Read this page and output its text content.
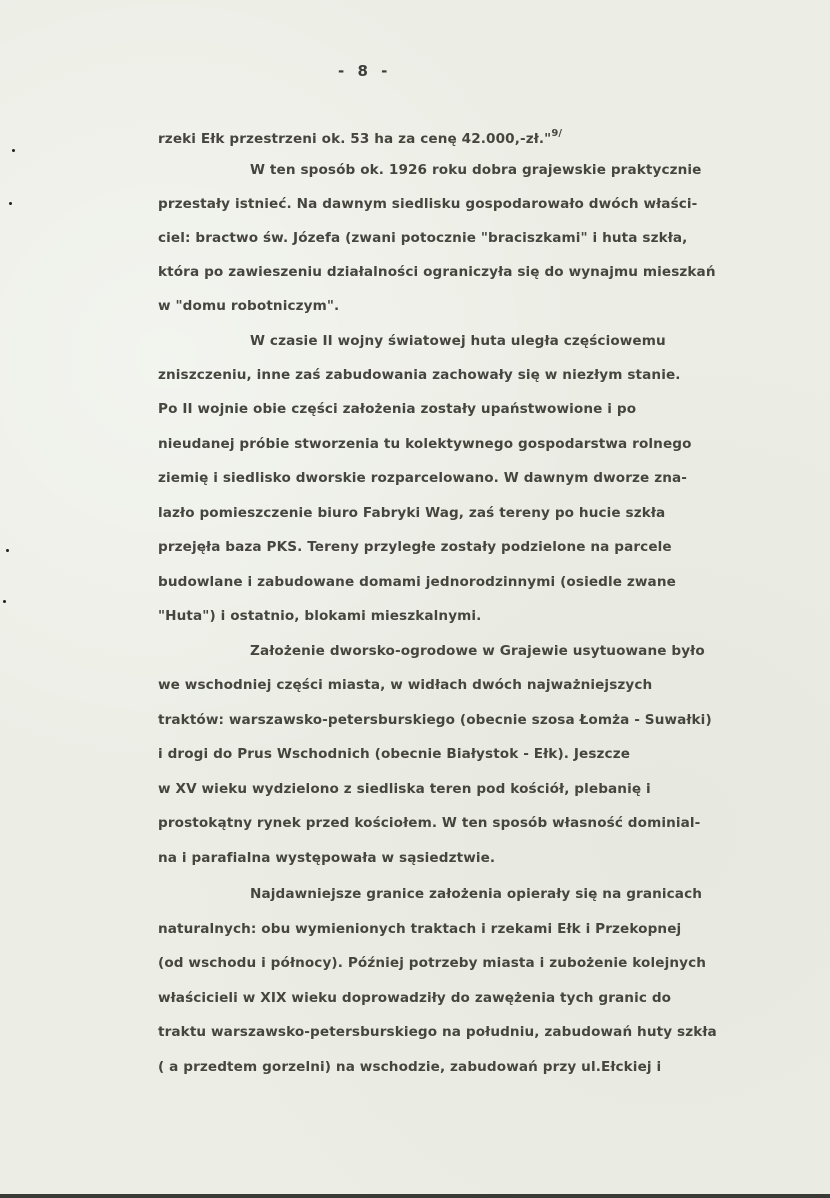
- 8 -
rzeki Ełk przestrzeni ok. 53 ha za cenę 42.000,-zł."$^{9/}$
W ten sposób ok. 1926 roku dobra grajewskie praktycznie
przestały istnieć. Na dawnym siedlisku gospodarowało dwóch właści-
ciel: bractwo św. Józefa (zwani potocznie "braciszkami" i huta szkła,
która po zawieszeniu działalności ograniczyła się do wynajmu mieszkań
w "domu robotniczym".
W czasie II wojny światowej huta uległa częściowemu
zniszczeniu, inne zaś zabudowania zachowały się w niezłym stanie.
Po II wojnie obie części założenia zostały upaństwowione i po
nieudanej próbie stworzenia tu kolektywnego gospodarstwa rolnego
ziemię i siedlisko dworskie rozparcelowano. W dawnym dworze zna-
lazło pomieszczenie biuro Fabryki Wag, zaś tereny po hucie szkła
przejęła baza PKS. Tereny przyległe zostały podzielone na parcele
budowlane i zabudowane domami jednorodzinnymi (osiedle zwane
"Huta") i ostatnio, blokami mieszkalnymi.
Założenie dworsko-ogrodowe w Grajewie usytuowane było
we wschodniej części miasta, w widłach dwóch najważniejszych
traktów: warszawsko-petersburskiego (obecnie szosa Łomża - Suwałki)
i drogi do Prus Wschodnich (obecnie Białystok - Ełk). Jeszcze
w XV wieku wydzielono z siedliska teren pod kościół, plebanię i
prostokątny rynek przed kościołem. W ten sposób własność dominial-
na i parafialna występowała w sąsiedztwie.
Najdawniejsze granice założenia opierały się na granicach
naturalnych: obu wymienionych traktach i rzekami Ełk i Przekopnej
(od wschodu i północy). Później potrzeby miasta i zubożenie kolejnych
właścicieli w XIX wieku doprowadziły do zawężenia tych granic do
traktu warszawsko-petersburskiego na południu, zabudowań huty szkła
( a przedtem gorzelni) na wschodzie, zabudowań przy ul.Ełckiej i
